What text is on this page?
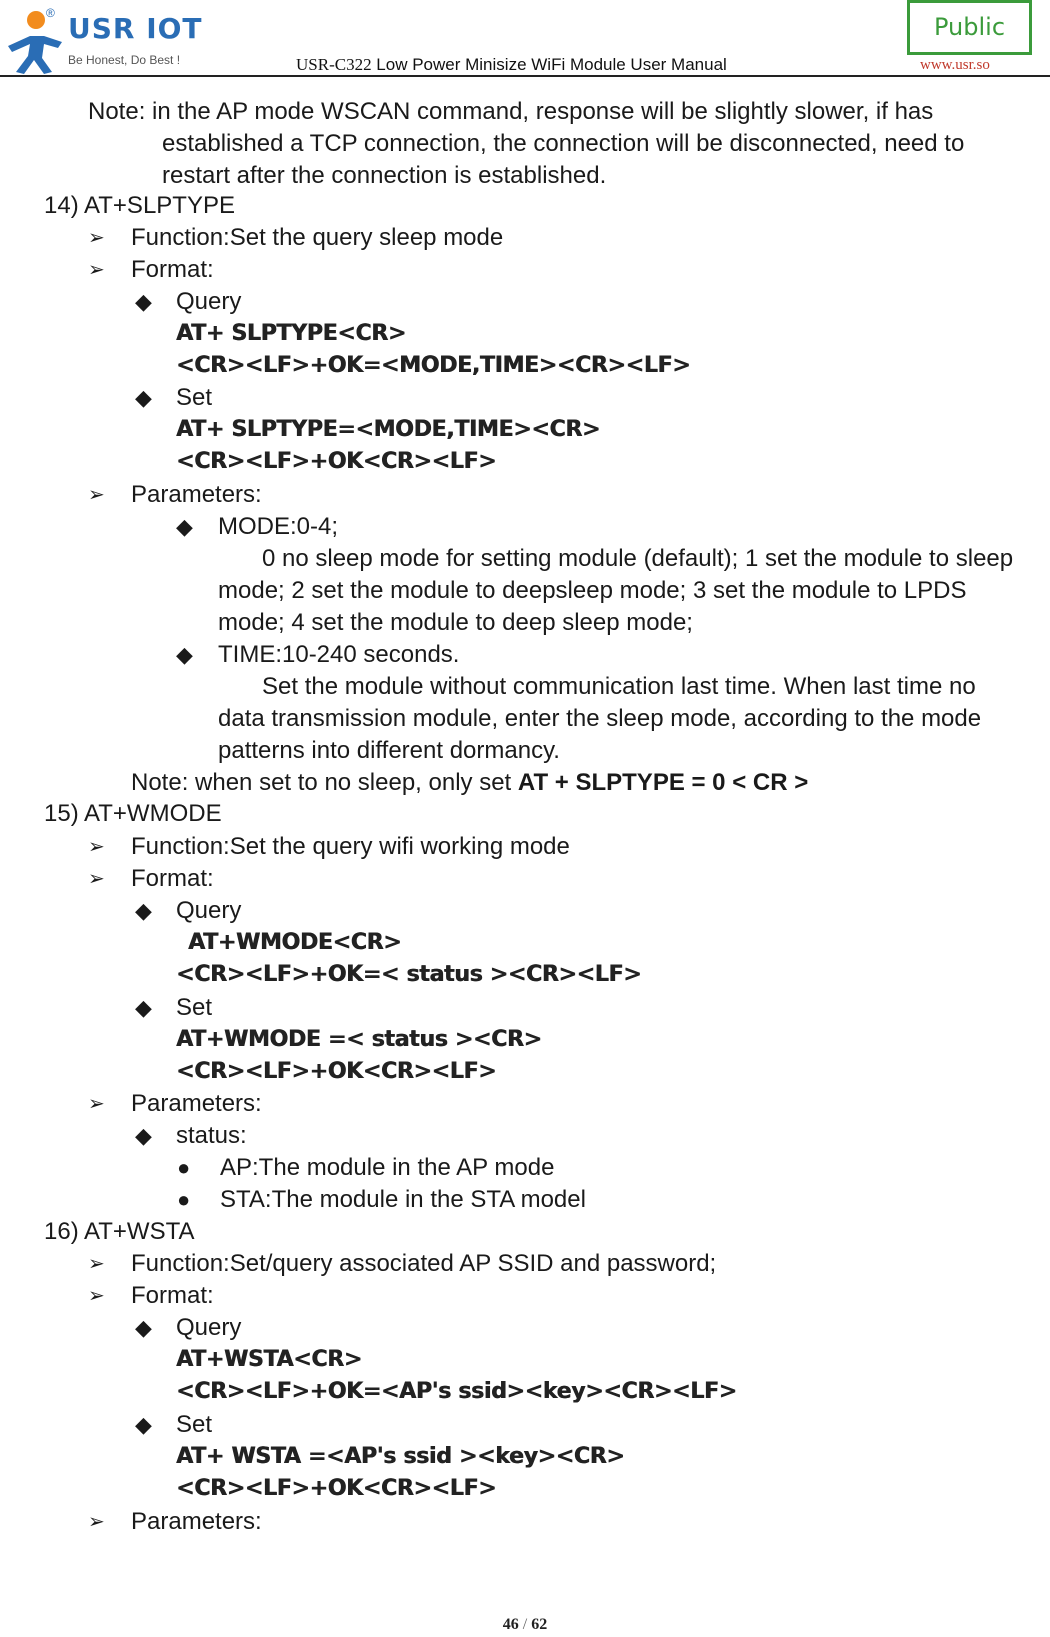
® USR IOT
Be Honest, Do Best !	USR-C322 Low Power Minisize WiFi Module User Manual
Public
www.usr.so
Note: in the AP mode WSCAN command, response will be slightly slower, if has
established a TCP connection, the connection will be disconnected, need to
restart after the connection is established.
14) AT+SLPTYPE
➢ Function:Set the query sleep mode
➢ Format:
◆ Query
AT+ SLPTYPE<CR>
<CR><LF>+OK=<MODE,TIME><CR><LF>
◆ Set
AT+ SLPTYPE=<MODE,TIME><CR>
<CR><LF>+OK<CR><LF>
➢ Parameters:
◆ MODE:0-4;
0 no sleep mode for setting module (default); 1 set the module to sleep
mode; 2 set the module to deepsleep mode; 3 set the module to LPDS
mode; 4 set the module to deep sleep mode;
◆ TIME:10-240 seconds.
Set the module without communication last time. When last time no
data transmission module, enter the sleep mode, according to the mode
patterns into different dormancy.
Note: when set to no sleep, only set AT + SLPTYPE = 0 < CR >
15) AT+WMODE
➢ Function:Set the query wifi working mode
➢ Format:
◆ Query
AT+WMODE<CR>
<CR><LF>+OK=< status ><CR><LF>
◆ Set
AT+WMODE =< status ><CR>
<CR><LF>+OK<CR><LF>
➢ Parameters:
◆ status:
● AP:The module in the AP mode
● STA:The module in the STA model
16) AT+WSTA
➢ Function:Set/query associated AP SSID and password;
➢ Format:
◆ Query
AT+WSTA<CR>
<CR><LF>+OK=<AP's ssid><key><CR><LF>
◆ Set
AT+ WSTA =<AP's ssid ><key><CR>
<CR><LF>+OK<CR><LF>
➢ Parameters:
46 / 62
